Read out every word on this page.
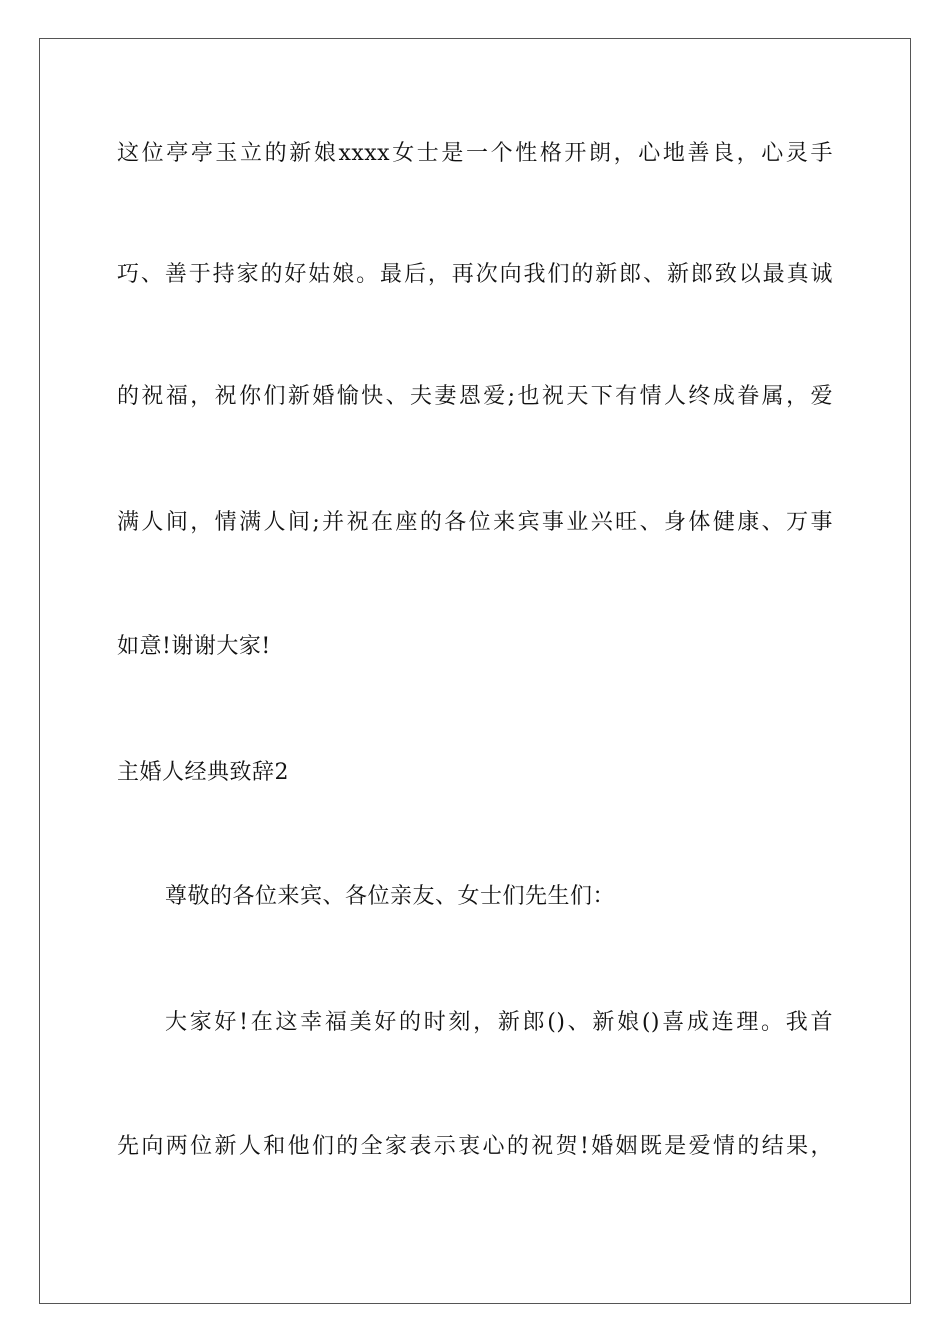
这位亭亭玉立的新娘xxxx女士是一个性格开朗，心地善良，心灵手
巧、善于持家的好姑娘。最后，再次向我们的新郎、新郎致以最真诚
的祝福，祝你们新婚愉快、夫妻恩爱;也祝天下有情人终成眷属，爱
满人间，情满人间;并祝在座的各位来宾事业兴旺、身体健康、万事
如意!谢谢大家!
主婚人经典致辞2
尊敬的各位来宾、各位亲友、女士们先生们：
大家好!在这幸福美好的时刻，新郎()、新娘()喜成连理。我首
先向两位新人和他们的全家表示衷心的祝贺!婚姻既是爱情的结果，
